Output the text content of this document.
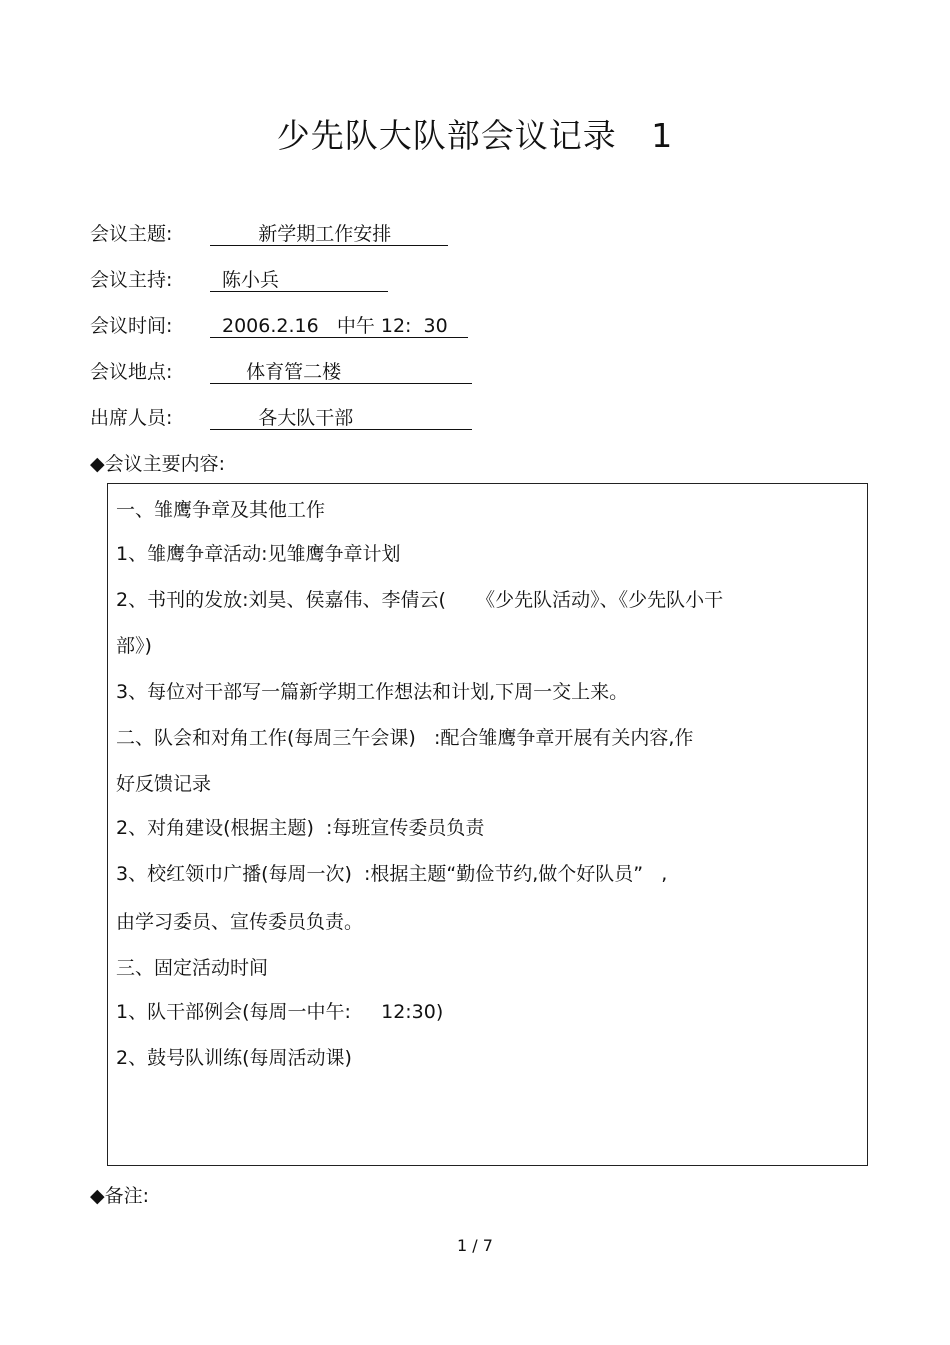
少先队大队部会议记录   1

会议主题:

	新学期工作安排

会议主持:

	陈小兵

会议时间:

	2006.2.16   中午 12:  30

会议地点:

	体育管二楼

出席人员:

	各大队干部

◆会议主要内容:
一、雏鹰争章及其他工作
1、雏鹰争章活动:见雏鹰争章计划
2、书刊的发放:刘昊、侯嘉伟、李倩云(     《少先队活动》、《少先队小干
部》)
3、每位对干部写一篇新学期工作想法和计划,下周一交上来。
二、队会和对角工作(每周三午会课)   :配合雏鹰争章开展有关内容,作
好反馈记录
2、对角建设(根据主题)  :每班宣传委员负责
3、校红领巾广播(每周一次)  :根据主题“勤俭节约,做个好队员”   ,
由学习委员、宣传委员负责。
三、固定活动时间
1、队干部例会(每周一中午:     12:30)
2、鼓号队训练(每周活动课)
◆备注:
1 / 7
